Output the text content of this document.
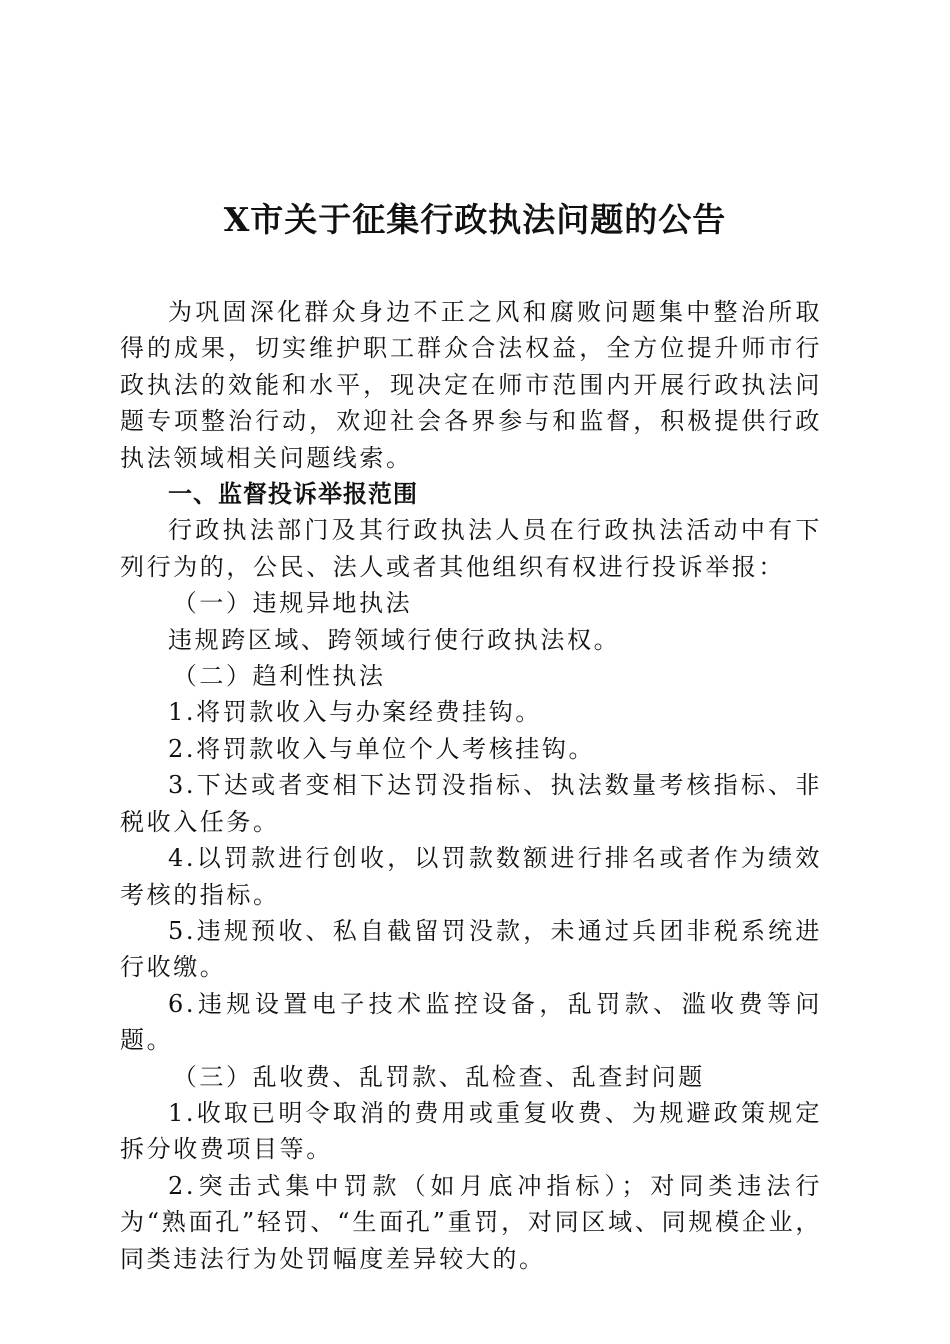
X市关于征集行政执法问题的公告

为巩固深化群众身边不正之风和腐败问题集中整治所取得的成果，切实维护职工群众合法权益，全方位提升师市行政执法的效能和水平，现决定在师市范围内开展行政执法问题专项整治行动，欢迎社会各界参与和监督，积极提供行政执法领域相关问题线索。

一、监督投诉举报范围

行政执法部门及其行政执法人员在行政执法活动中有下列行为的，公民、法人或者其他组织有权进行投诉举报：

（一）违规异地执法

违规跨区域、跨领域行使行政执法权。

（二）趋利性执法

1.将罚款收入与办案经费挂钩。

2.将罚款收入与单位个人考核挂钩。

3.下达或者变相下达罚没指标、执法数量考核指标、非税收入任务。

4.以罚款进行创收，以罚款数额进行排名或者作为绩效考核的指标。

5.违规预收、私自截留罚没款，未通过兵团非税系统进行收缴。

6.违规设置电子技术监控设备，乱罚款、滥收费等问题。

（三）乱收费、乱罚款、乱检查、乱查封问题

1.收取已明令取消的费用或重复收费、为规避政策规定拆分收费项目等。

2.突击式集中罚款（如月底冲指标）；对同类违法行为“熟面孔”轻罚、“生面孔”重罚，对同区域、同规模企业，同类违法行为处罚幅度差异较大的。
